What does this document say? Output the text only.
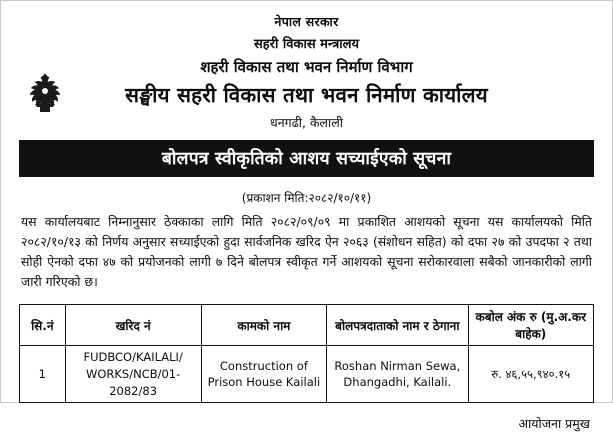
नेपाल सरकार
सहरी विकास मन्त्रालय
शहरी विकास तथा भवन निर्माण विभाग
सङ्घीय सहरी विकास तथा भवन निर्माण कार्यालय
धनगढी, कैलाली
बोलपत्र स्वीकृतिको आशय सच्याईएको सूचना
(प्रकाशन मिति:२०८२/१०/११)

यस कार्यालयबाट निम्नानुसार ठेक्काका लागि मिति २०८२/०९/०९ मा प्रकाशित आशयको सूचना यस कार्यालयको मिति २०८२/१०/१३ को निर्णय अनुसार सच्याईएको हुदा सार्वजनिक खरिद ऐन २०६३ (संशोधन सहित) को दफा २७ को उपदफा २ तथा सोही ऐनको दफा ४७ को प्रयोजनको लागी ७ दिने बोलपत्र स्वीकृत गर्ने आशयको सूचना सरोकारवाला सबैको जानकारीको लागी जारी गरिएको छ।

सि.नं	खरिद नं	कामको नाम	बोलपत्रदाताको नाम र ठेगाना	कबोल अंक रु (मु.अ.कर बाहेक)
1	FUDBCO/KAILALI/ WORKS/NCB/01-2082/83	Construction of Prison House Kailali	Roshan Nirman Sewa, Dhangadhi, Kailali.	रु. ४६,५५,९४०.१५
आयोजना प्रमुख
